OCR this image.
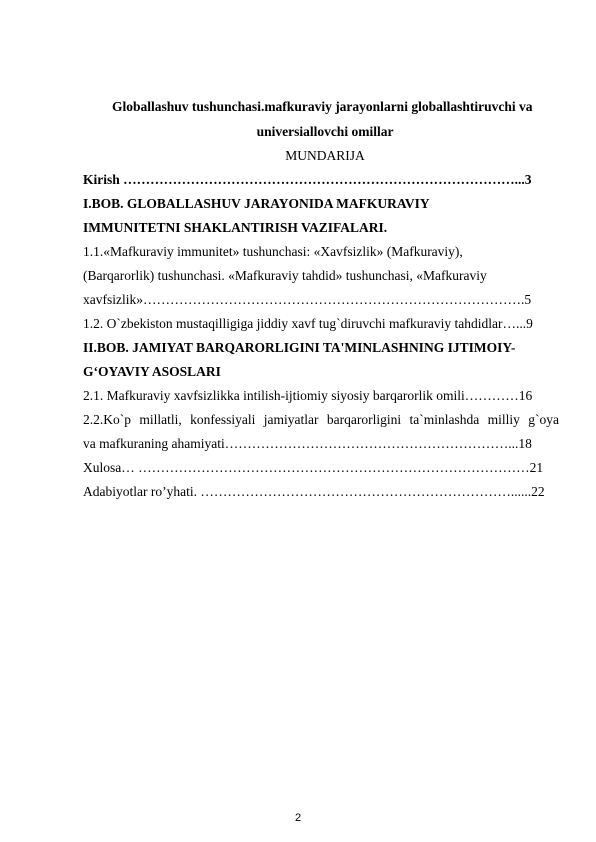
Globallashuv tushunchasi.mafkuraviy jarayonlarni globallashtiruvchi va
universiallovchi omillar
MUNDARIJA
Kirish ……………………………………………………………………………...3
I.BOB. GLOBALLASHUV JARAYONIDA MAFKURAVIY
IMMUNITETNI SHAKLANTIRISH VAZIFALARI.
1.1.«Mafkuraviy immunitet» tushunchasi: «Xavfsizlik» (Mafkuraviy),
(Barqarorlik) tushunchasi. «Mafkuraviy tahdid» tushunchasi, «Mafkuraviy
xavfsizlik»………………………………………………………………………….5
1.2. O`zbekiston mustaqilligiga jiddiy xavf tug`diruvchi mafkuraviy tahdidlar…...9
II.BOB. JAMIYAT BARQARORLIGINI TA'MINLASHNING IJTIMOIY-
G‘OYAVIY ASOSLARI
2.1. Mafkuraviy xavfsizlikka intilish-ijtiomiy siyosiy barqarorlik omili…………16
2.2.Ko`p millatli, konfessiyali jamiyatlar barqarorligini ta`minlashda milliy g`oya
va mafkuraning ahamiyati………………………………………………………...18
Xulosa… ……………………………………………………………………………21
Adabiyotlar ro’yhati. ……………………………………………………………......22
2
